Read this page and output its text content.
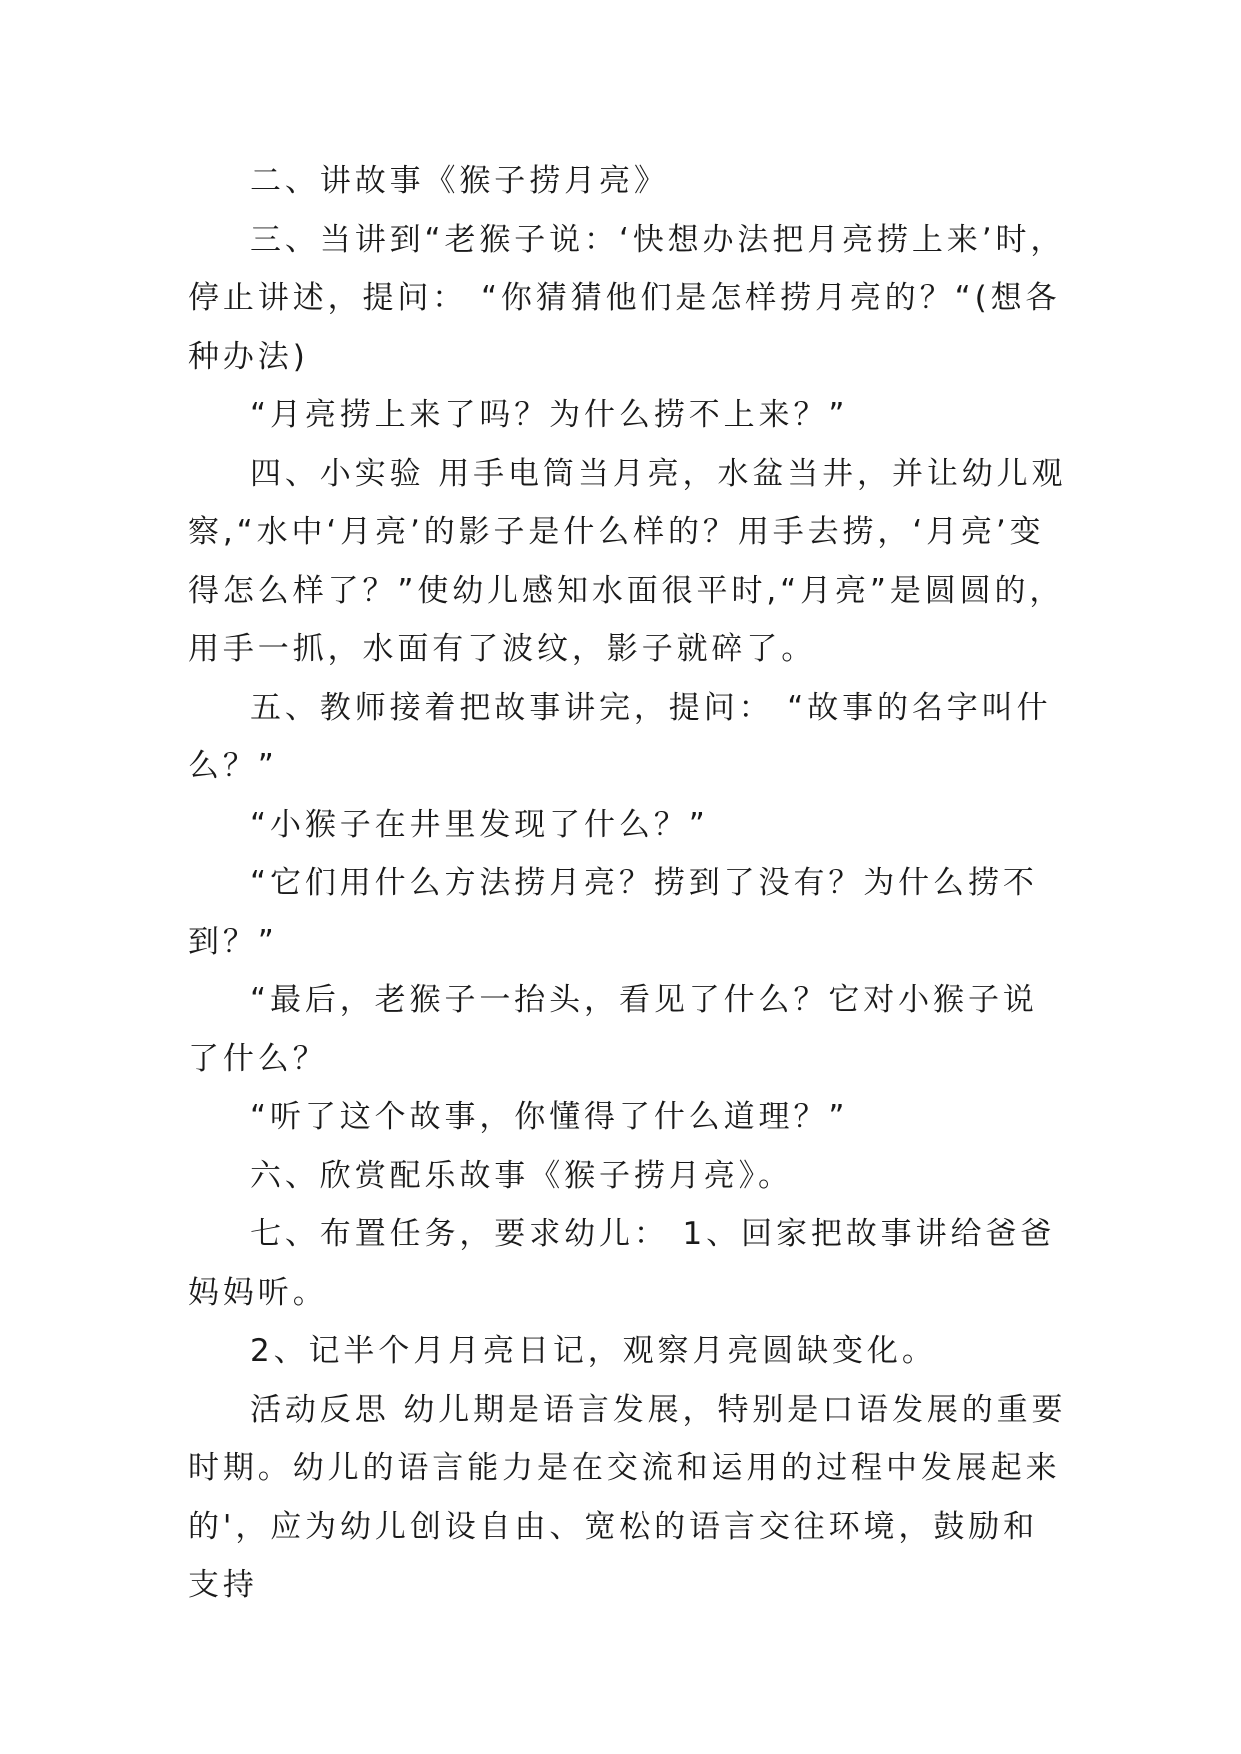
二、讲故事《猴子捞月亮》

三、当讲到“老猴子说：‘快想办法把月亮捞上来’时，停止讲述，提问： “你猜猜他们是怎样捞月亮的？“(想各种办法)

“月亮捞上来了吗？为什么捞不上来？”

四、小实验 用手电筒当月亮，水盆当井，并让幼儿观察,“水中‘月亮’的影子是什么样的？用手去捞，‘月亮’变得怎么样了？”使幼儿感知水面很平时,“月亮”是圆圆的，用手一抓，水面有了波纹，影子就碎了。

五、教师接着把故事讲完，提问： “故事的名字叫什么？”

“小猴子在井里发现了什么？”

“它们用什么方法捞月亮？捞到了没有？为什么捞不到？”

“最后，老猴子一抬头，看见了什么？它对小猴子说了什么？

“听了这个故事，你懂得了什么道理？”

六、欣赏配乐故事《猴子捞月亮》。

七、布置任务，要求幼儿： 1、回家把故事讲给爸爸妈妈听。

2、记半个月月亮日记，观察月亮圆缺变化。

活动反思 幼儿期是语言发展，特别是口语发展的重要时期。幼儿的语言能力是在交流和运用的过程中发展起来的'，应为幼儿创设自由、宽松的语言交往环境，鼓励和支持
